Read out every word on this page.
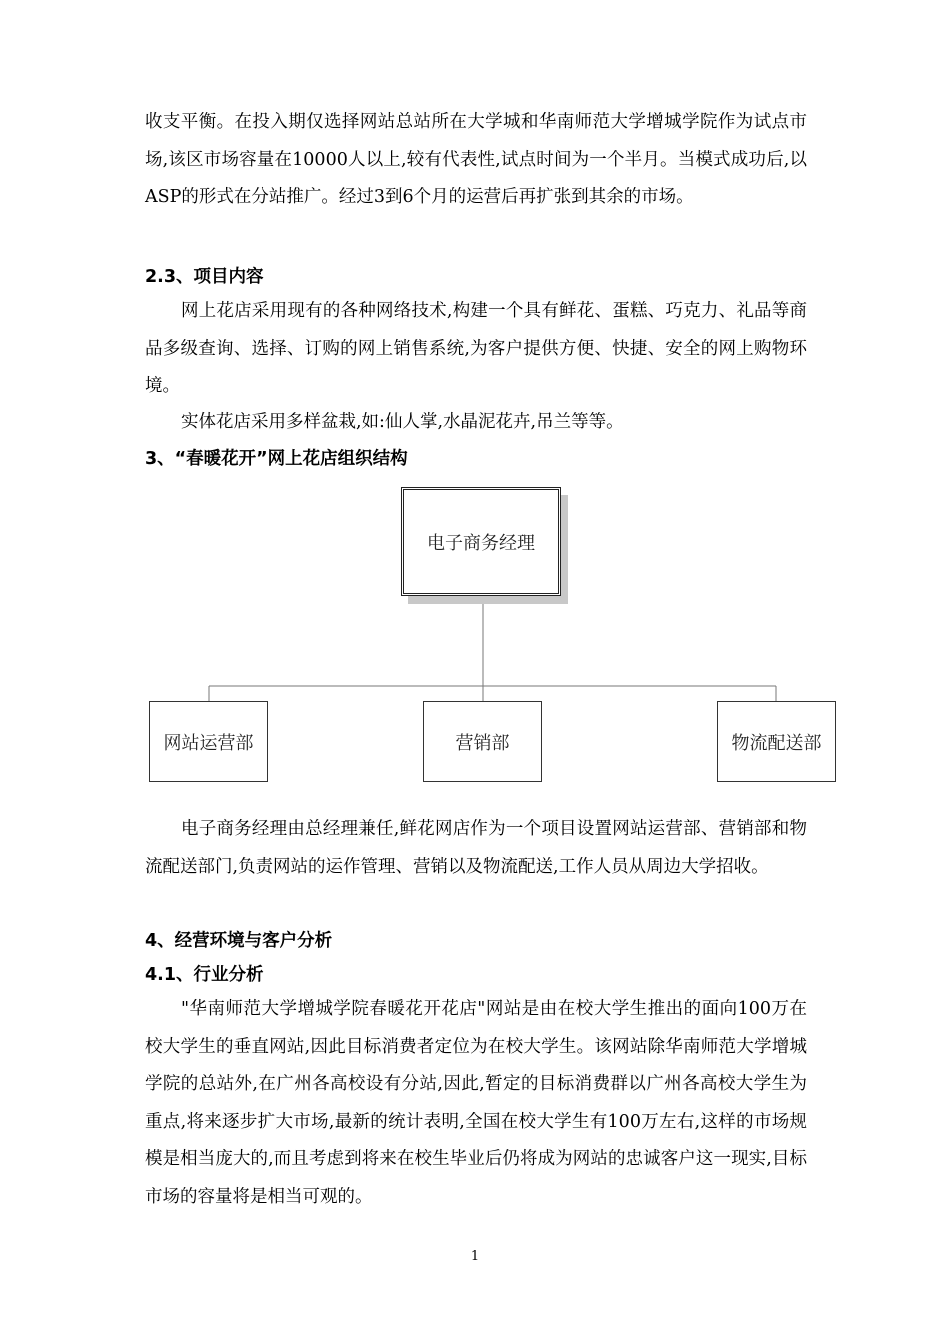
收支平衡。在投入期仅选择网站总站所在大学城和华南师范大学增城学院作为试点市场,该区市场容量在10000人以上,较有代表性,试点时间为一个半月。当模式成功后,以ASP的形式在分站推广。经过3到6个月的运营后再扩张到其余的市场。

2.3、项目内容

网上花店采用现有的各种网络技术,构建一个具有鲜花、蛋糕、巧克力、礼品等商品多级查询、选择、订购的网上销售系统,为客户提供方便、快捷、安全的网上购物环境。

实体花店采用多样盆栽,如:仙人掌,水晶泥花卉,吊兰等等。

3、“春暖花开”网上花店组织结构
电子商务经理
网站运营部	营销部	物流配送部

电子商务经理由总经理兼任,鲜花网店作为一个项目设置网站运营部、营销部和物流配送部门,负责网站的运作管理、营销以及物流配送,工作人员从周边大学招收。

4、经营环境与客户分析
4.1、行业分析

"华南师范大学增城学院春暖花开花店"网站是由在校大学生推出的面向100万在校大学生的垂直网站,因此目标消费者定位为在校大学生。该网站除华南师范大学增城学院的总站外,在广州各高校设有分站,因此,暂定的目标消费群以广州各高校大学生为重点,将来逐步扩大市场,最新的统计表明,全国在校大学生有100万左右,这样的市场规模是相当庞大的,而且考虑到将来在校生毕业后仍将成为网站的忠诚客户这一现实,目标市场的容量将是相当可观的。

1
